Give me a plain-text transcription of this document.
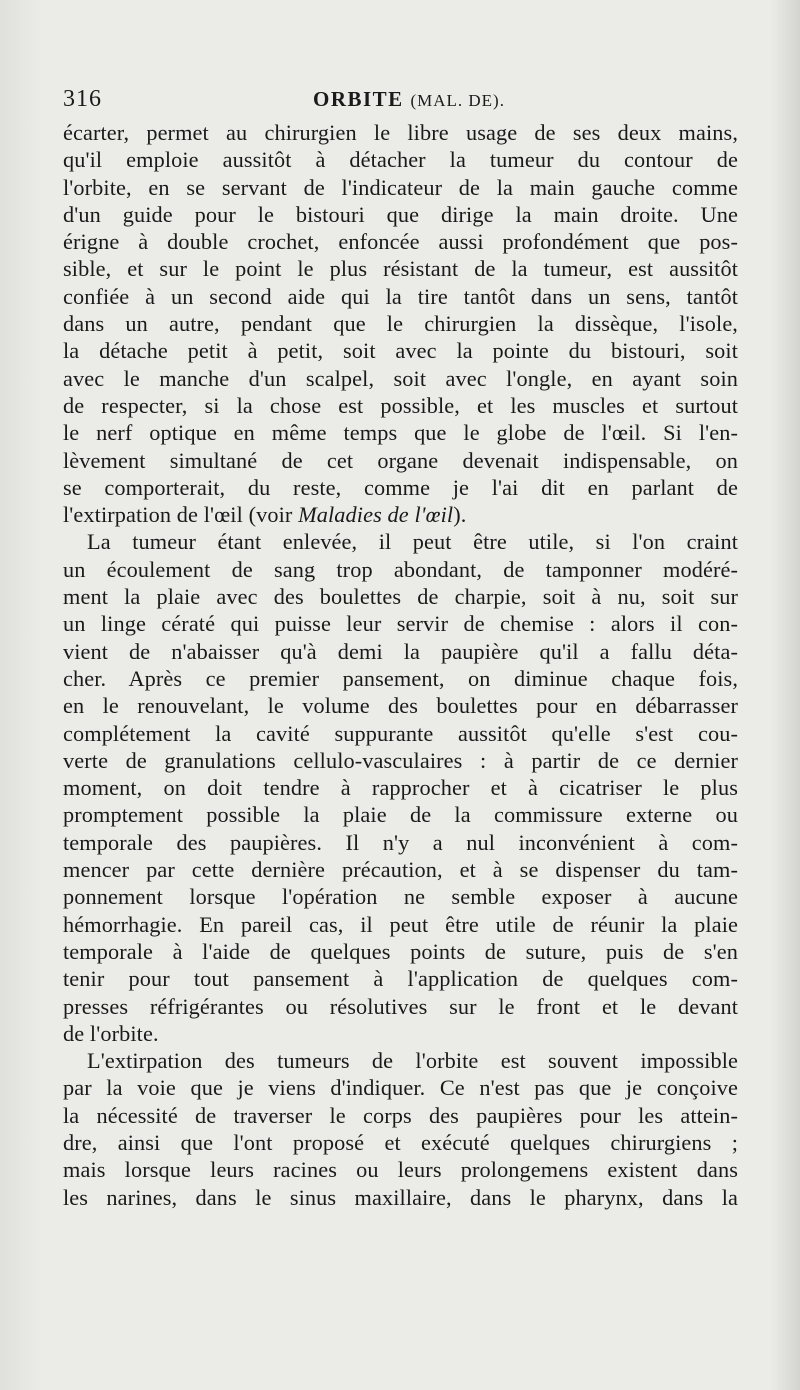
316	ORBITE (MAL. DE).
écarter, permet au chirurgien le libre usage de ses deux mains,
qu'il emploie aussitôt à détacher la tumeur du contour de
l'orbite, en se servant de l'indicateur de la main gauche comme
d'un guide pour le bistouri que dirige la main droite. Une
érigne à double crochet, enfoncée aussi profondément que pos-
sible, et sur le point le plus résistant de la tumeur, est aussitôt
confiée à un second aide qui la tire tantôt dans un sens, tantôt
dans un autre, pendant que le chirurgien la dissèque, l'isole,
la détache petit à petit, soit avec la pointe du bistouri, soit
avec le manche d'un scalpel, soit avec l'ongle, en ayant soin
de respecter, si la chose est possible, et les muscles et surtout
le nerf optique en même temps que le globe de l'œil. Si l'en-
lèvement simultané de cet organe devenait indispensable, on
se comporterait, du reste, comme je l'ai dit en parlant de
l'extirpation de l'œil (voir Maladies de l'œil).
La tumeur étant enlevée, il peut être utile, si l'on craint
un écoulement de sang trop abondant, de tamponner modéré-
ment la plaie avec des boulettes de charpie, soit à nu, soit sur
un linge cératé qui puisse leur servir de chemise : alors il con-
vient de n'abaisser qu'à demi la paupière qu'il a fallu déta-
cher. Après ce premier pansement, on diminue chaque fois,
en le renouvelant, le volume des boulettes pour en débarrasser
complétement la cavité suppurante aussitôt qu'elle s'est cou-
verte de granulations cellulo-vasculaires : à partir de ce dernier
moment, on doit tendre à rapprocher et à cicatriser le plus
promptement possible la plaie de la commissure externe ou
temporale des paupières. Il n'y a nul inconvénient à com-
mencer par cette dernière précaution, et à se dispenser du tam-
ponnement lorsque l'opération ne semble exposer à aucune
hémorrhagie. En pareil cas, il peut être utile de réunir la plaie
temporale à l'aide de quelques points de suture, puis de s'en
tenir pour tout pansement à l'application de quelques com-
presses réfrigérantes ou résolutives sur le front et le devant
de l'orbite.
L'extirpation des tumeurs de l'orbite est souvent impossible
par la voie que je viens d'indiquer. Ce n'est pas que je conçoive
la nécessité de traverser le corps des paupières pour les attein-
dre, ainsi que l'ont proposé et exécuté quelques chirurgiens ;
mais lorsque leurs racines ou leurs prolongemens existent dans
les narines, dans le sinus maxillaire, dans le pharynx, dans la
